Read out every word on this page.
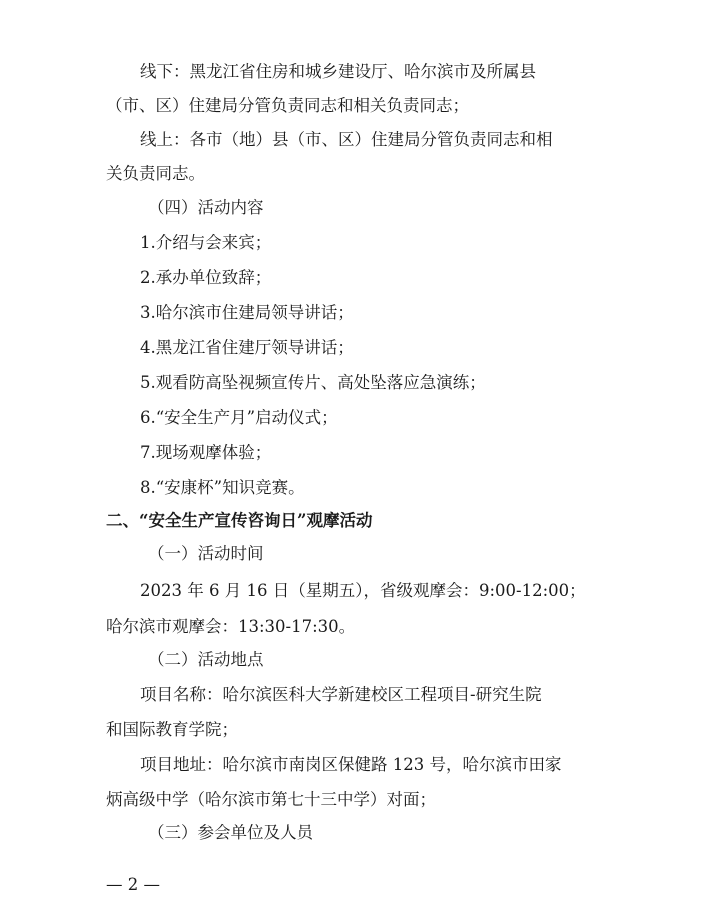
线下：黑龙江省住房和城乡建设厅、哈尔滨市及所属县
（市、区）住建局分管负责同志和相关负责同志；
线上：各市（地）县（市、区）住建局分管负责同志和相
关负责同志。
（四）活动内容
1.介绍与会来宾；
2.承办单位致辞；
3.哈尔滨市住建局领导讲话；
4.黑龙江省住建厅领导讲话；
5.观看防高坠视频宣传片、高处坠落应急演练；
6.“安全生产月”启动仪式；
7.现场观摩体验；
8.“安康杯”知识竞赛。
二、“安全生产宣传咨询日”观摩活动
（一）活动时间
2023 年 6 月 16 日（星期五），省级观摩会：9:00-12:00；
哈尔滨市观摩会：13:30-17:30。
（二）活动地点
项目名称：哈尔滨医科大学新建校区工程项目-研究生院
和国际教育学院；
项目地址：哈尔滨市南岗区保健路 123 号，哈尔滨市田家
炳高级中学（哈尔滨市第七十三中学）对面；
（三）参会单位及人员
— 2 —
